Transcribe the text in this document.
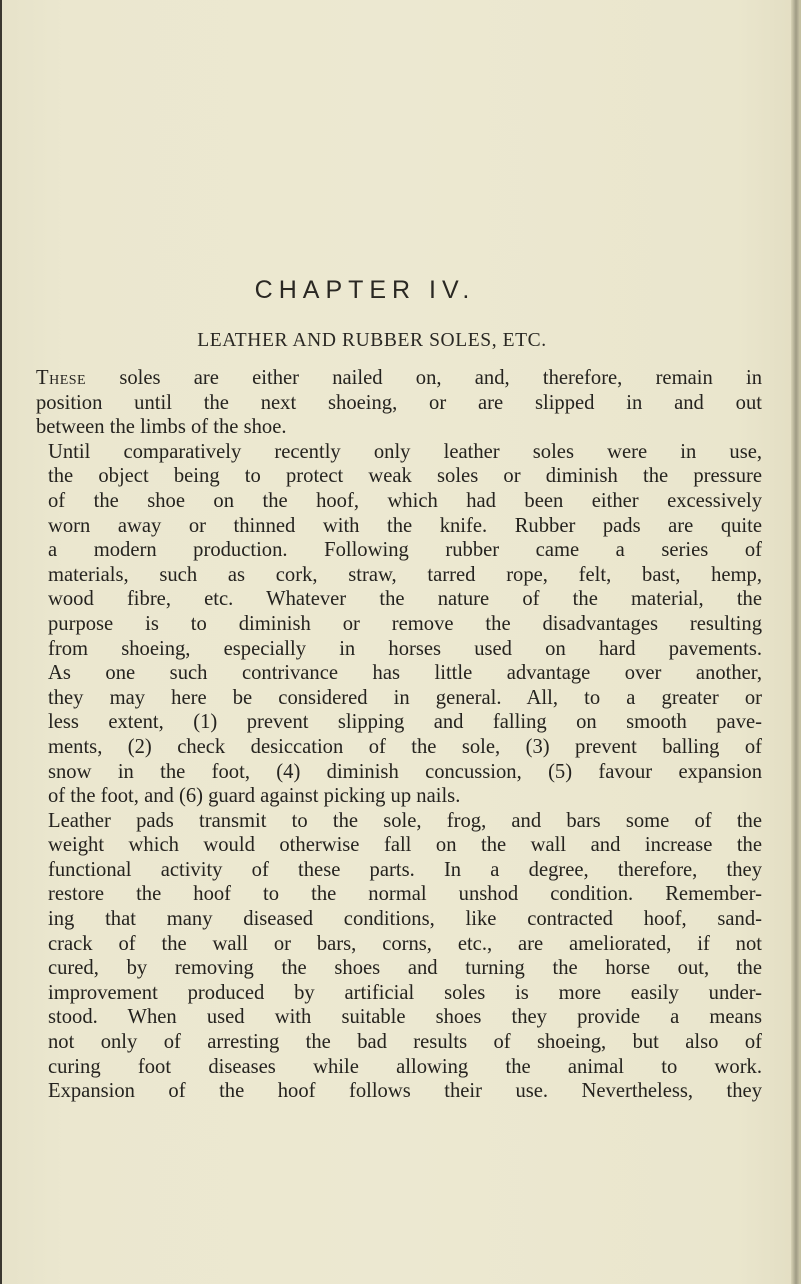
CHAPTER IV.
LEATHER AND RUBBER SOLES, ETC.

These soles are either nailed on, and, therefore, remain in
position until the next shoeing, or are slipped in and out
between the limbs of the shoe.

Until comparatively recently only leather soles were in use,
the object being to protect weak soles or diminish the pressure
of the shoe on the hoof, which had been either excessively
worn away or thinned with the knife. Rubber pads are quite
a modern production. Following rubber came a series of
materials, such as cork, straw, tarred rope, felt, bast, hemp,
wood fibre, etc. Whatever the nature of the material, the
purpose is to diminish or remove the disadvantages resulting
from shoeing, especially in horses used on hard pavements.
As one such contrivance has little advantage over another,
they may here be considered in general. All, to a greater or
less extent, (1) prevent slipping and falling on smooth pave-
ments, (2) check desiccation of the sole, (3) prevent balling of
snow in the foot, (4) diminish concussion, (5) favour expansion
of the foot, and (6) guard against picking up nails.

Leather pads transmit to the sole, frog, and bars some of the
weight which would otherwise fall on the wall and increase the
functional activity of these parts. In a degree, therefore, they
restore the hoof to the normal unshod condition. Remember-
ing that many diseased conditions, like contracted hoof, sand-
crack of the wall or bars, corns, etc., are ameliorated, if not
cured, by removing the shoes and turning the horse out, the
improvement produced by artificial soles is more easily under-
stood. When used with suitable shoes they provide a means
not only of arresting the bad results of shoeing, but also of
curing foot diseases while allowing the animal to work.
Expansion of the hoof follows their use. Nevertheless, they
